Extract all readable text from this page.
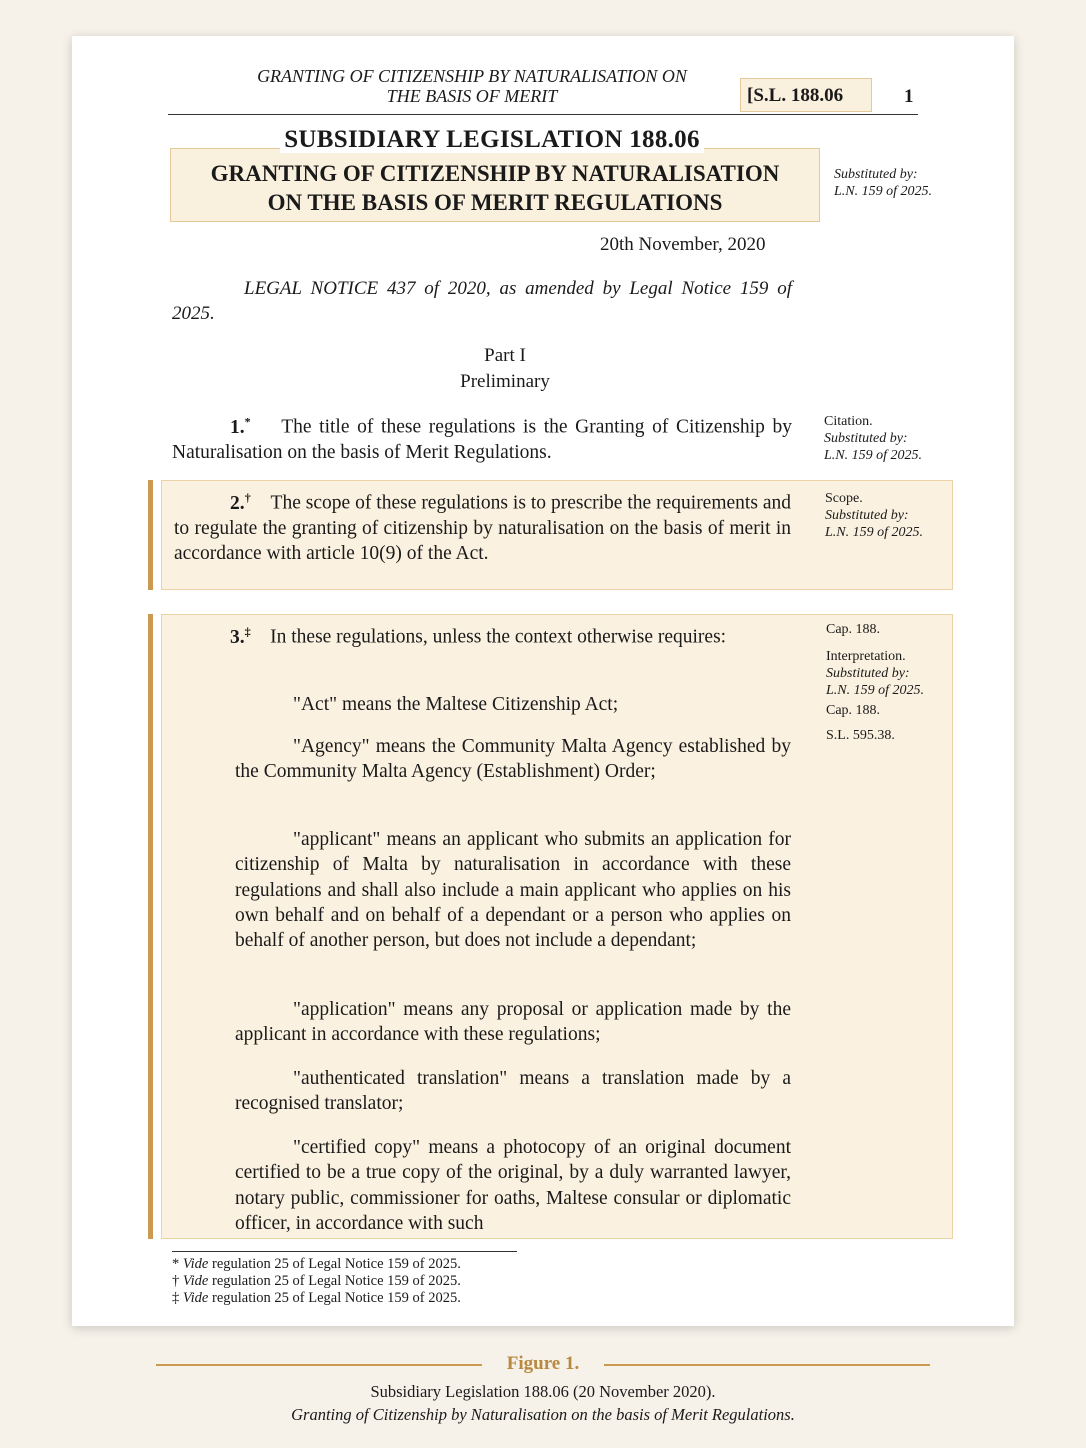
GRANTING OF CITIZENSHIP BY NATURALISATION ON
THE BASIS OF MERIT	[S.L. 188.06	1
GRANTING OF CITIZENSHIP BY NATURALISATION
ON THE BASIS OF MERIT REGULATIONS
SUBSIDIARY LEGISLATION 188.06
Substituted by:
L.N. 159 of 2025.
20th November, 2020
LEGAL NOTICE 437 of 2020, as amended by Legal Notice 159 of 2025.
Part I
Preliminary
1.* The title of these regulations is the Granting of Citizenship by Naturalisation on the basis of Merit Regulations.
Citation.
Substituted by:
L.N. 159 of 2025.
2.† The scope of these regulations is to prescribe the requirements and to regulate the granting of citizenship by naturalisation on the basis of merit in accordance with article 10(9) of the Act.
Scope.
Substituted by:
L.N. 159 of 2025.
3.‡ In these regulations, unless the context otherwise requires:	Cap. 188.
Interpretation.
Substituted by:
L.N. 159 of 2025.
Cap. 188.
S.L. 595.38.
"Act" means the Maltese Citizenship Act;
"Agency" means the Community Malta Agency established by the Community Malta Agency (Establishment) Order;
"applicant" means an applicant who submits an application for citizenship of Malta by naturalisation in accordance with these regulations and shall also include a main applicant who applies on his own behalf and on behalf of a dependant or a person who applies on behalf of another person, but does not include a dependant;
"application" means any proposal or application made by the applicant in accordance with these regulations;
"authenticated translation" means a translation made by a recognised translator;
"certified copy" means a photocopy of an original document certified to be a true copy of the original, by a duly warranted lawyer, notary public, commissioner for oaths, Maltese consular or diplomatic officer, in accordance with such
* Vide regulation 25 of Legal Notice 159 of 2025.
† Vide regulation 25 of Legal Notice 159 of 2025.
‡ Vide regulation 25 of Legal Notice 159 of 2025.
Figure 1.
Subsidiary Legislation 188.06 (20 November 2020).
Granting of Citizenship by Naturalisation on the basis of Merit Regulations.
